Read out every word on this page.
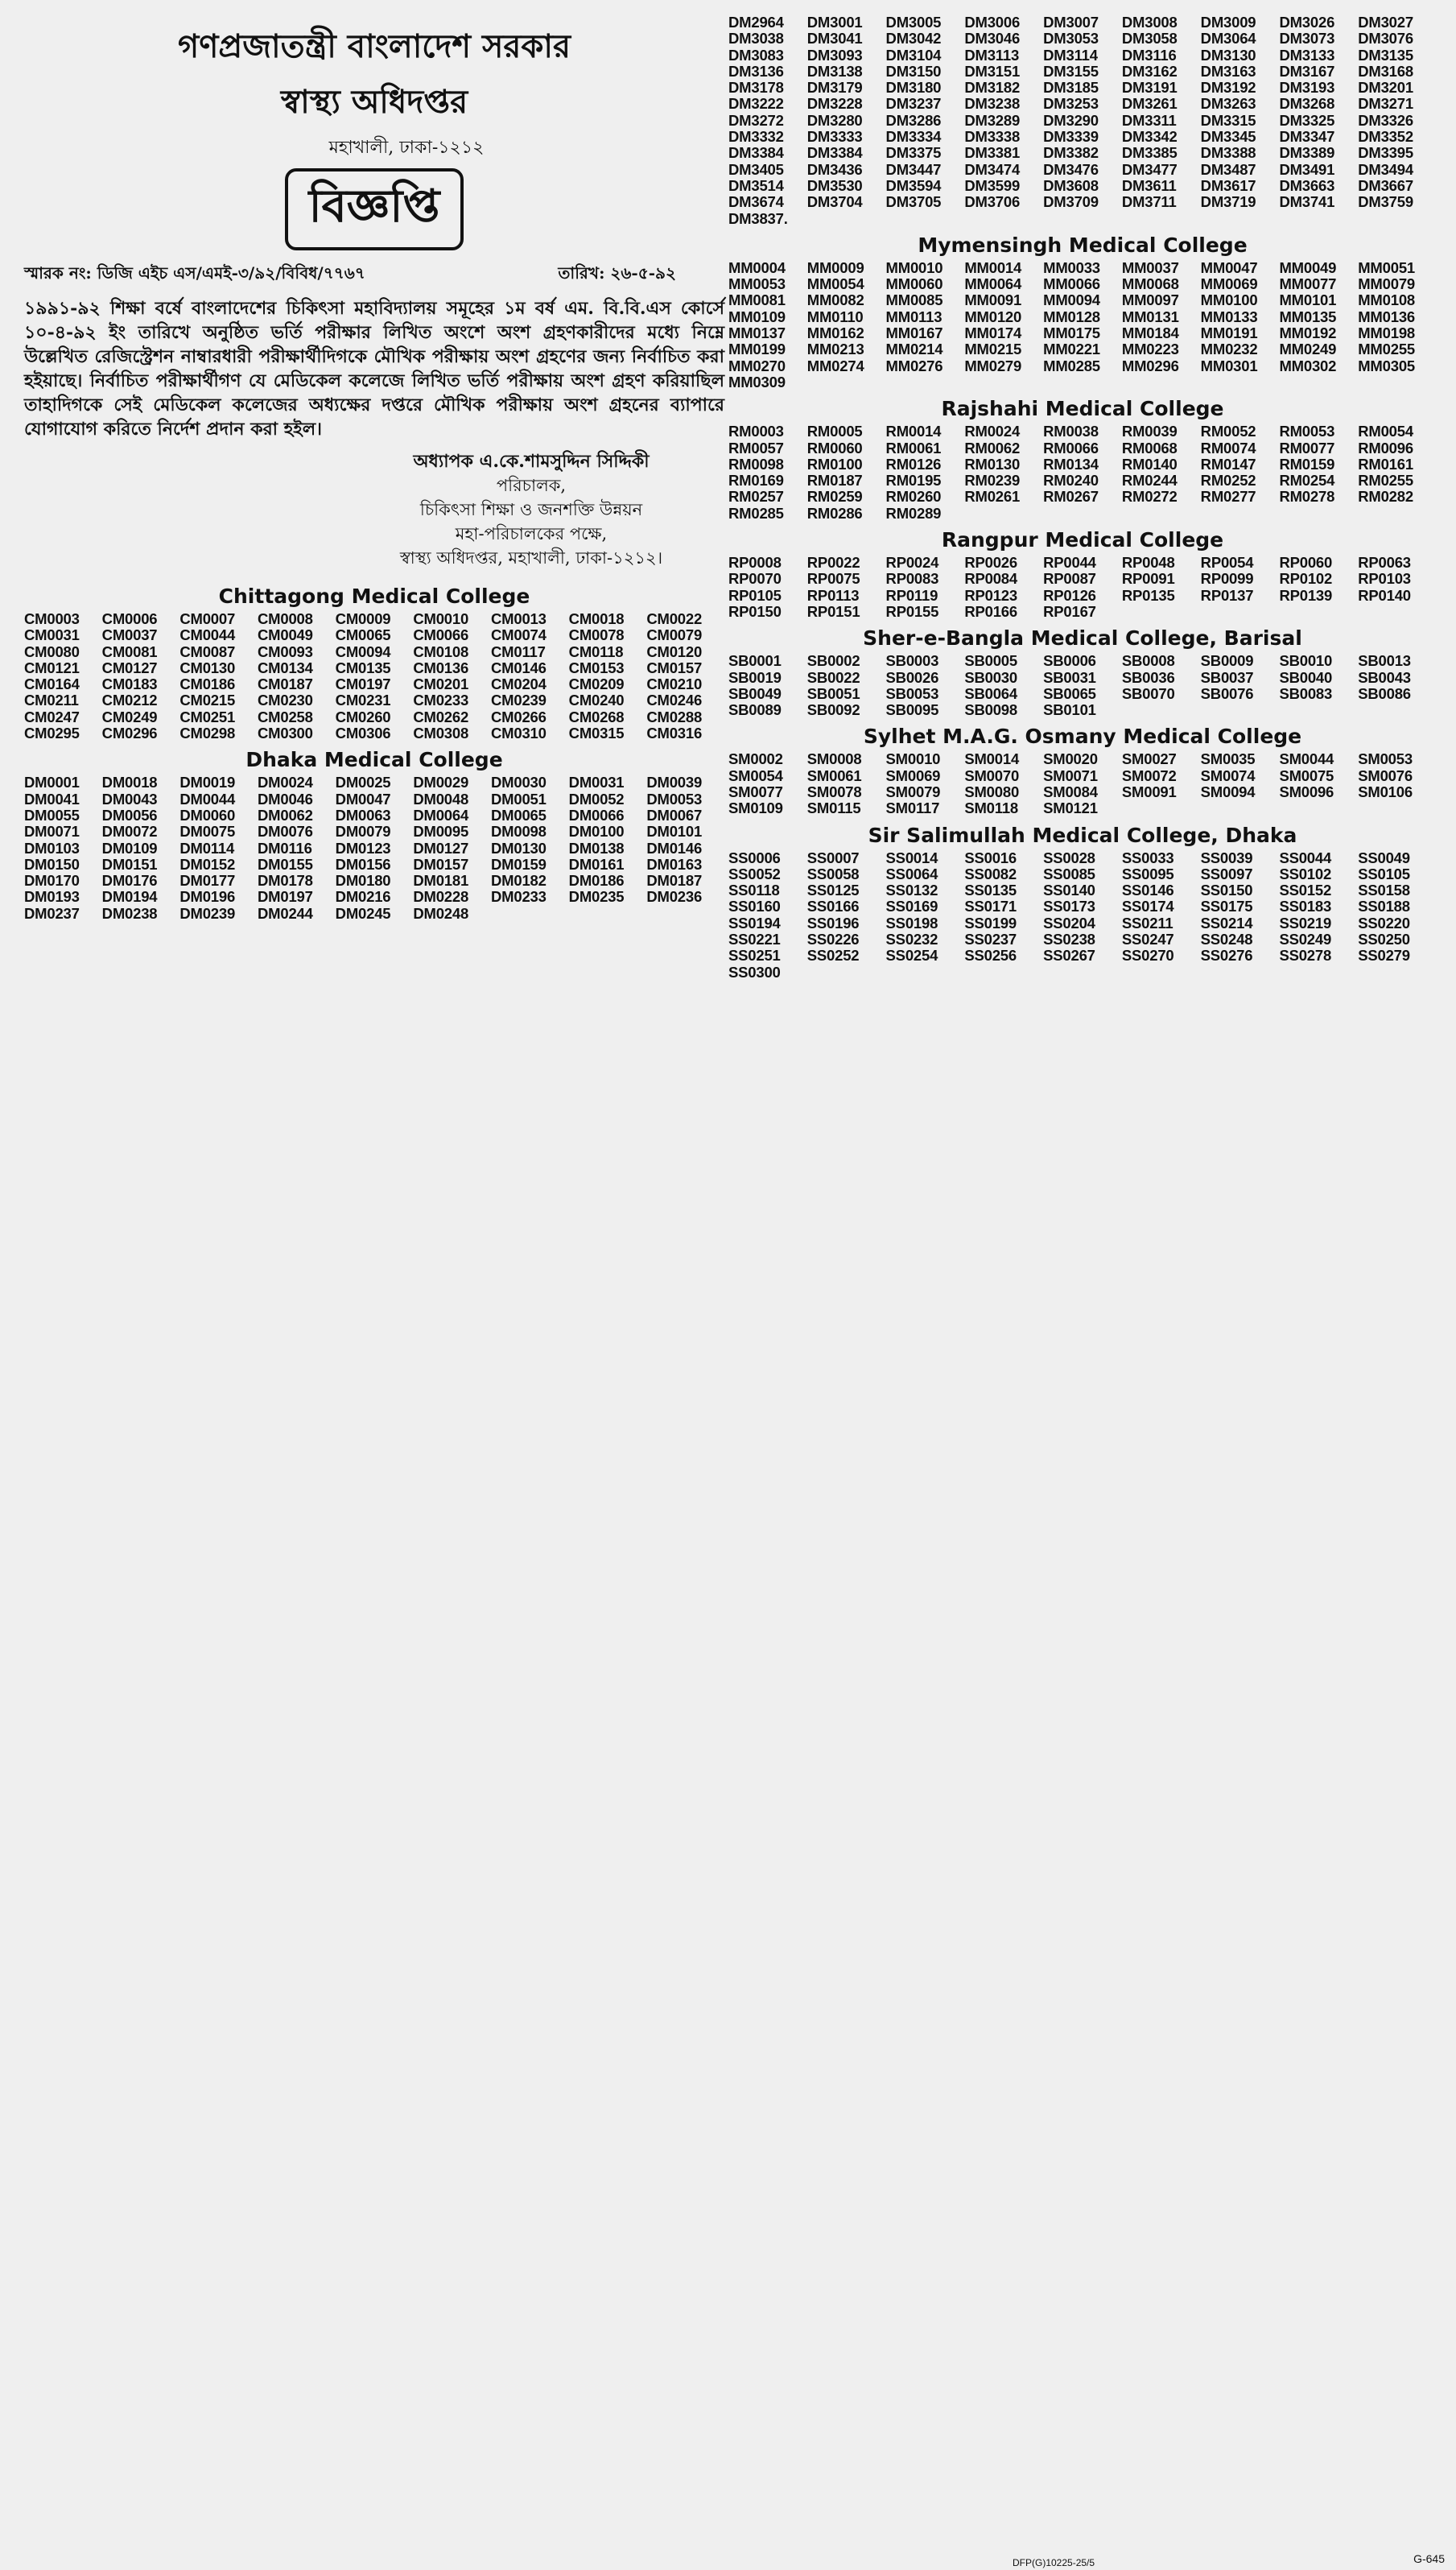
গণপ্রজাতন্ত্রী বাংলাদেশ সরকার
স্বাস্থ্য অধিদপ্তর
মহাখালী, ঢাকা-১২১২
বিজ্ঞপ্তি
স্মারক নং: ডিজি এইচ এস/এমই-৩/৯২/বিবিধ/৭৭৬৭	তারিখ: ২৬-৫-৯২

১৯৯১-৯২ শিক্ষা বর্ষে বাংলাদেশের চিকিৎসা মহাবিদ্যালয় সমূহের ১ম বর্ষ এম. বি.বি.এস কোর্সে ১০-৪-৯২ ইং তারিখে অনুষ্ঠিত ভর্তি পরীক্ষার লিখিত অংশে অংশ গ্রহণকারীদের মধ্যে নিম্নে উল্লেখিত রেজিস্ট্রেশন নাম্বারধারী পরীক্ষার্থীদিগকে মৌখিক পরীক্ষায় অংশ গ্রহণের জন্য নির্বাচিত করা হইয়াছে। নির্বাচিত পরীক্ষার্থীগণ যে মেডিকেল কলেজে লিখিত ভর্তি পরীক্ষায় অংশ গ্রহণ করিয়াছিল তাহাদিগকে সেই মেডিকেল কলেজের অধ্যক্ষের দপ্তরে মৌখিক পরীক্ষায় অংশ গ্রহনের ব্যাপারে যোগাযোগ করিতে নির্দেশ প্রদান করা হইল।

অধ্যাপক এ.কে.শামসুদ্দিন সিদ্দিকী
পরিচালক,
চিকিৎসা শিক্ষা ও জনশক্তি উন্নয়ন
মহা-পরিচালকের পক্ষে,
স্বাস্থ্য অধিদপ্তর, মহাখালী, ঢাকা-১২১২।
Chittagong Medical College
CM0003	CM0006	CM0007	CM0008	CM0009	CM0010	CM0013	CM0018	CM0022
CM0031	CM0037	CM0044	CM0049	CM0065	CM0066	CM0074	CM0078	CM0079
CM0080	CM0081	CM0087	CM0093	CM0094	CM0108	CM0117	CM0118	CM0120
CM0121	CM0127	CM0130	CM0134	CM0135	CM0136	CM0146	CM0153	CM0157
CM0164	CM0183	CM0186	CM0187	CM0197	CM0201	CM0204	CM0209	CM0210
CM0211	CM0212	CM0215	CM0230	CM0231	CM0233	CM0239	CM0240	CM0246
CM0247	CM0249	CM0251	CM0258	CM0260	CM0262	CM0266	CM0268	CM0288
CM0295	CM0296	CM0298	CM0300	CM0306	CM0308	CM0310	CM0315	CM0316
Dhaka Medical College
DM0001	DM0018	DM0019	DM0024	DM0025	DM0029	DM0030	DM0031	DM0039
DM0041	DM0043	DM0044	DM0046	DM0047	DM0048	DM0051	DM0052	DM0053
DM0055	DM0056	DM0060	DM0062	DM0063	DM0064	DM0065	DM0066	DM0067
DM0071	DM0072	DM0075	DM0076	DM0079	DM0095	DM0098	DM0100	DM0101
DM0103	DM0109	DM0114	DM0116	DM0123	DM0127	DM0130	DM0138	DM0146
DM0150	DM0151	DM0152	DM0155	DM0156	DM0157	DM0159	DM0161	DM0163
DM0170	DM0176	DM0177	DM0178	DM0180	DM0181	DM0182	DM0186	DM0187
DM0193	DM0194	DM0196	DM0197	DM0216	DM0228	DM0233	DM0235	DM0236
DM0237	DM0238	DM0239	DM0244	DM0245	DM0248
DM2964	DM3001	DM3005	DM3006	DM3007	DM3008	DM3009	DM3026	DM3027
DM3038	DM3041	DM3042	DM3046	DM3053	DM3058	DM3064	DM3073	DM3076
DM3083	DM3093	DM3104	DM3113	DM3114	DM3116	DM3130	DM3133	DM3135
DM3136	DM3138	DM3150	DM3151	DM3155	DM3162	DM3163	DM3167	DM3168
DM3178	DM3179	DM3180	DM3182	DM3185	DM3191	DM3192	DM3193	DM3201
DM3222	DM3228	DM3237	DM3238	DM3253	DM3261	DM3263	DM3268	DM3271
DM3272	DM3280	DM3286	DM3289	DM3290	DM3311	DM3315	DM3325	DM3326
DM3332	DM3333	DM3334	DM3338	DM3339	DM3342	DM3345	DM3347	DM3352
DM3384	DM3384	DM3375	DM3381	DM3382	DM3385	DM3388	DM3389	DM3395
DM3405	DM3436	DM3447	DM3474	DM3476	DM3477	DM3487	DM3491	DM3494
DM3514	DM3530	DM3594	DM3599	DM3608	DM3611	DM3617	DM3663	DM3667
DM3674	DM3704	DM3705	DM3706	DM3709	DM3711	DM3719	DM3741	DM3759
DM3837.
Mymensingh Medical College
MM0004	MM0009	MM0010	MM0014	MM0033	MM0037	MM0047	MM0049	MM0051
MM0053	MM0054	MM0060	MM0064	MM0066	MM0068	MM0069	MM0077	MM0079
MM0081	MM0082	MM0085	MM0091	MM0094	MM0097	MM0100	MM0101	MM0108
MM0109	MM0110	MM0113	MM0120	MM0128	MM0131	MM0133	MM0135	MM0136
MM0137	MM0162	MM0167	MM0174	MM0175	MM0184	MM0191	MM0192	MM0198
MM0199	MM0213	MM0214	MM0215	MM0221	MM0223	MM0232	MM0249	MM0255
MM0270	MM0274	MM0276	MM0279	MM0285	MM0296	MM0301	MM0302	MM0305
MM0309
Rajshahi Medical College
RM0003	RM0005	RM0014	RM0024	RM0038	RM0039	RM0052	RM0053	RM0054
RM0057	RM0060	RM0061	RM0062	RM0066	RM0068	RM0074	RM0077	RM0096
RM0098	RM0100	RM0126	RM0130	RM0134	RM0140	RM0147	RM0159	RM0161
RM0169	RM0187	RM0195	RM0239	RM0240	RM0244	RM0252	RM0254	RM0255
RM0257	RM0259	RM0260	RM0261	RM0267	RM0272	RM0277	RM0278	RM0282
RM0285	RM0286	RM0289
Rangpur Medical College
RP0008	RP0022	RP0024	RP0026	RP0044	RP0048	RP0054	RP0060	RP0063
RP0070	RP0075	RP0083	RP0084	RP0087	RP0091	RP0099	RP0102	RP0103
RP0105	RP0113	RP0119	RP0123	RP0126	RP0135	RP0137	RP0139	RP0140
RP0150	RP0151	RP0155	RP0166	RP0167
Sher-e-Bangla Medical College, Barisal
SB0001	SB0002	SB0003	SB0005	SB0006	SB0008	SB0009	SB0010	SB0013
SB0019	SB0022	SB0026	SB0030	SB0031	SB0036	SB0037	SB0040	SB0043
SB0049	SB0051	SB0053	SB0064	SB0065	SB0070	SB0076	SB0083	SB0086
SB0089	SB0092	SB0095	SB0098	SB0101
Sylhet M.A.G. Osmany Medical College
SM0002	SM0008	SM0010	SM0014	SM0020	SM0027	SM0035	SM0044	SM0053
SM0054	SM0061	SM0069	SM0070	SM0071	SM0072	SM0074	SM0075	SM0076
SM0077	SM0078	SM0079	SM0080	SM0084	SM0091	SM0094	SM0096	SM0106
SM0109	SM0115	SM0117	SM0118	SM0121
Sir Salimullah Medical College, Dhaka
SS0006	SS0007	SS0014	SS0016	SS0028	SS0033	SS0039	SS0044	SS0049
SS0052	SS0058	SS0064	SS0082	SS0085	SS0095	SS0097	SS0102	SS0105
SS0118	SS0125	SS0132	SS0135	SS0140	SS0146	SS0150	SS0152	SS0158
SS0160	SS0166	SS0169	SS0171	SS0173	SS0174	SS0175	SS0183	SS0188
SS0194	SS0196	SS0198	SS0199	SS0204	SS0211	SS0214	SS0219	SS0220
SS0221	SS0226	SS0232	SS0237	SS0238	SS0247	SS0248	SS0249	SS0250
SS0251	SS0252	SS0254	SS0256	SS0267	SS0270	SS0276	SS0278	SS0279
SS0300
DFP(G)10225-25/5	G-645
